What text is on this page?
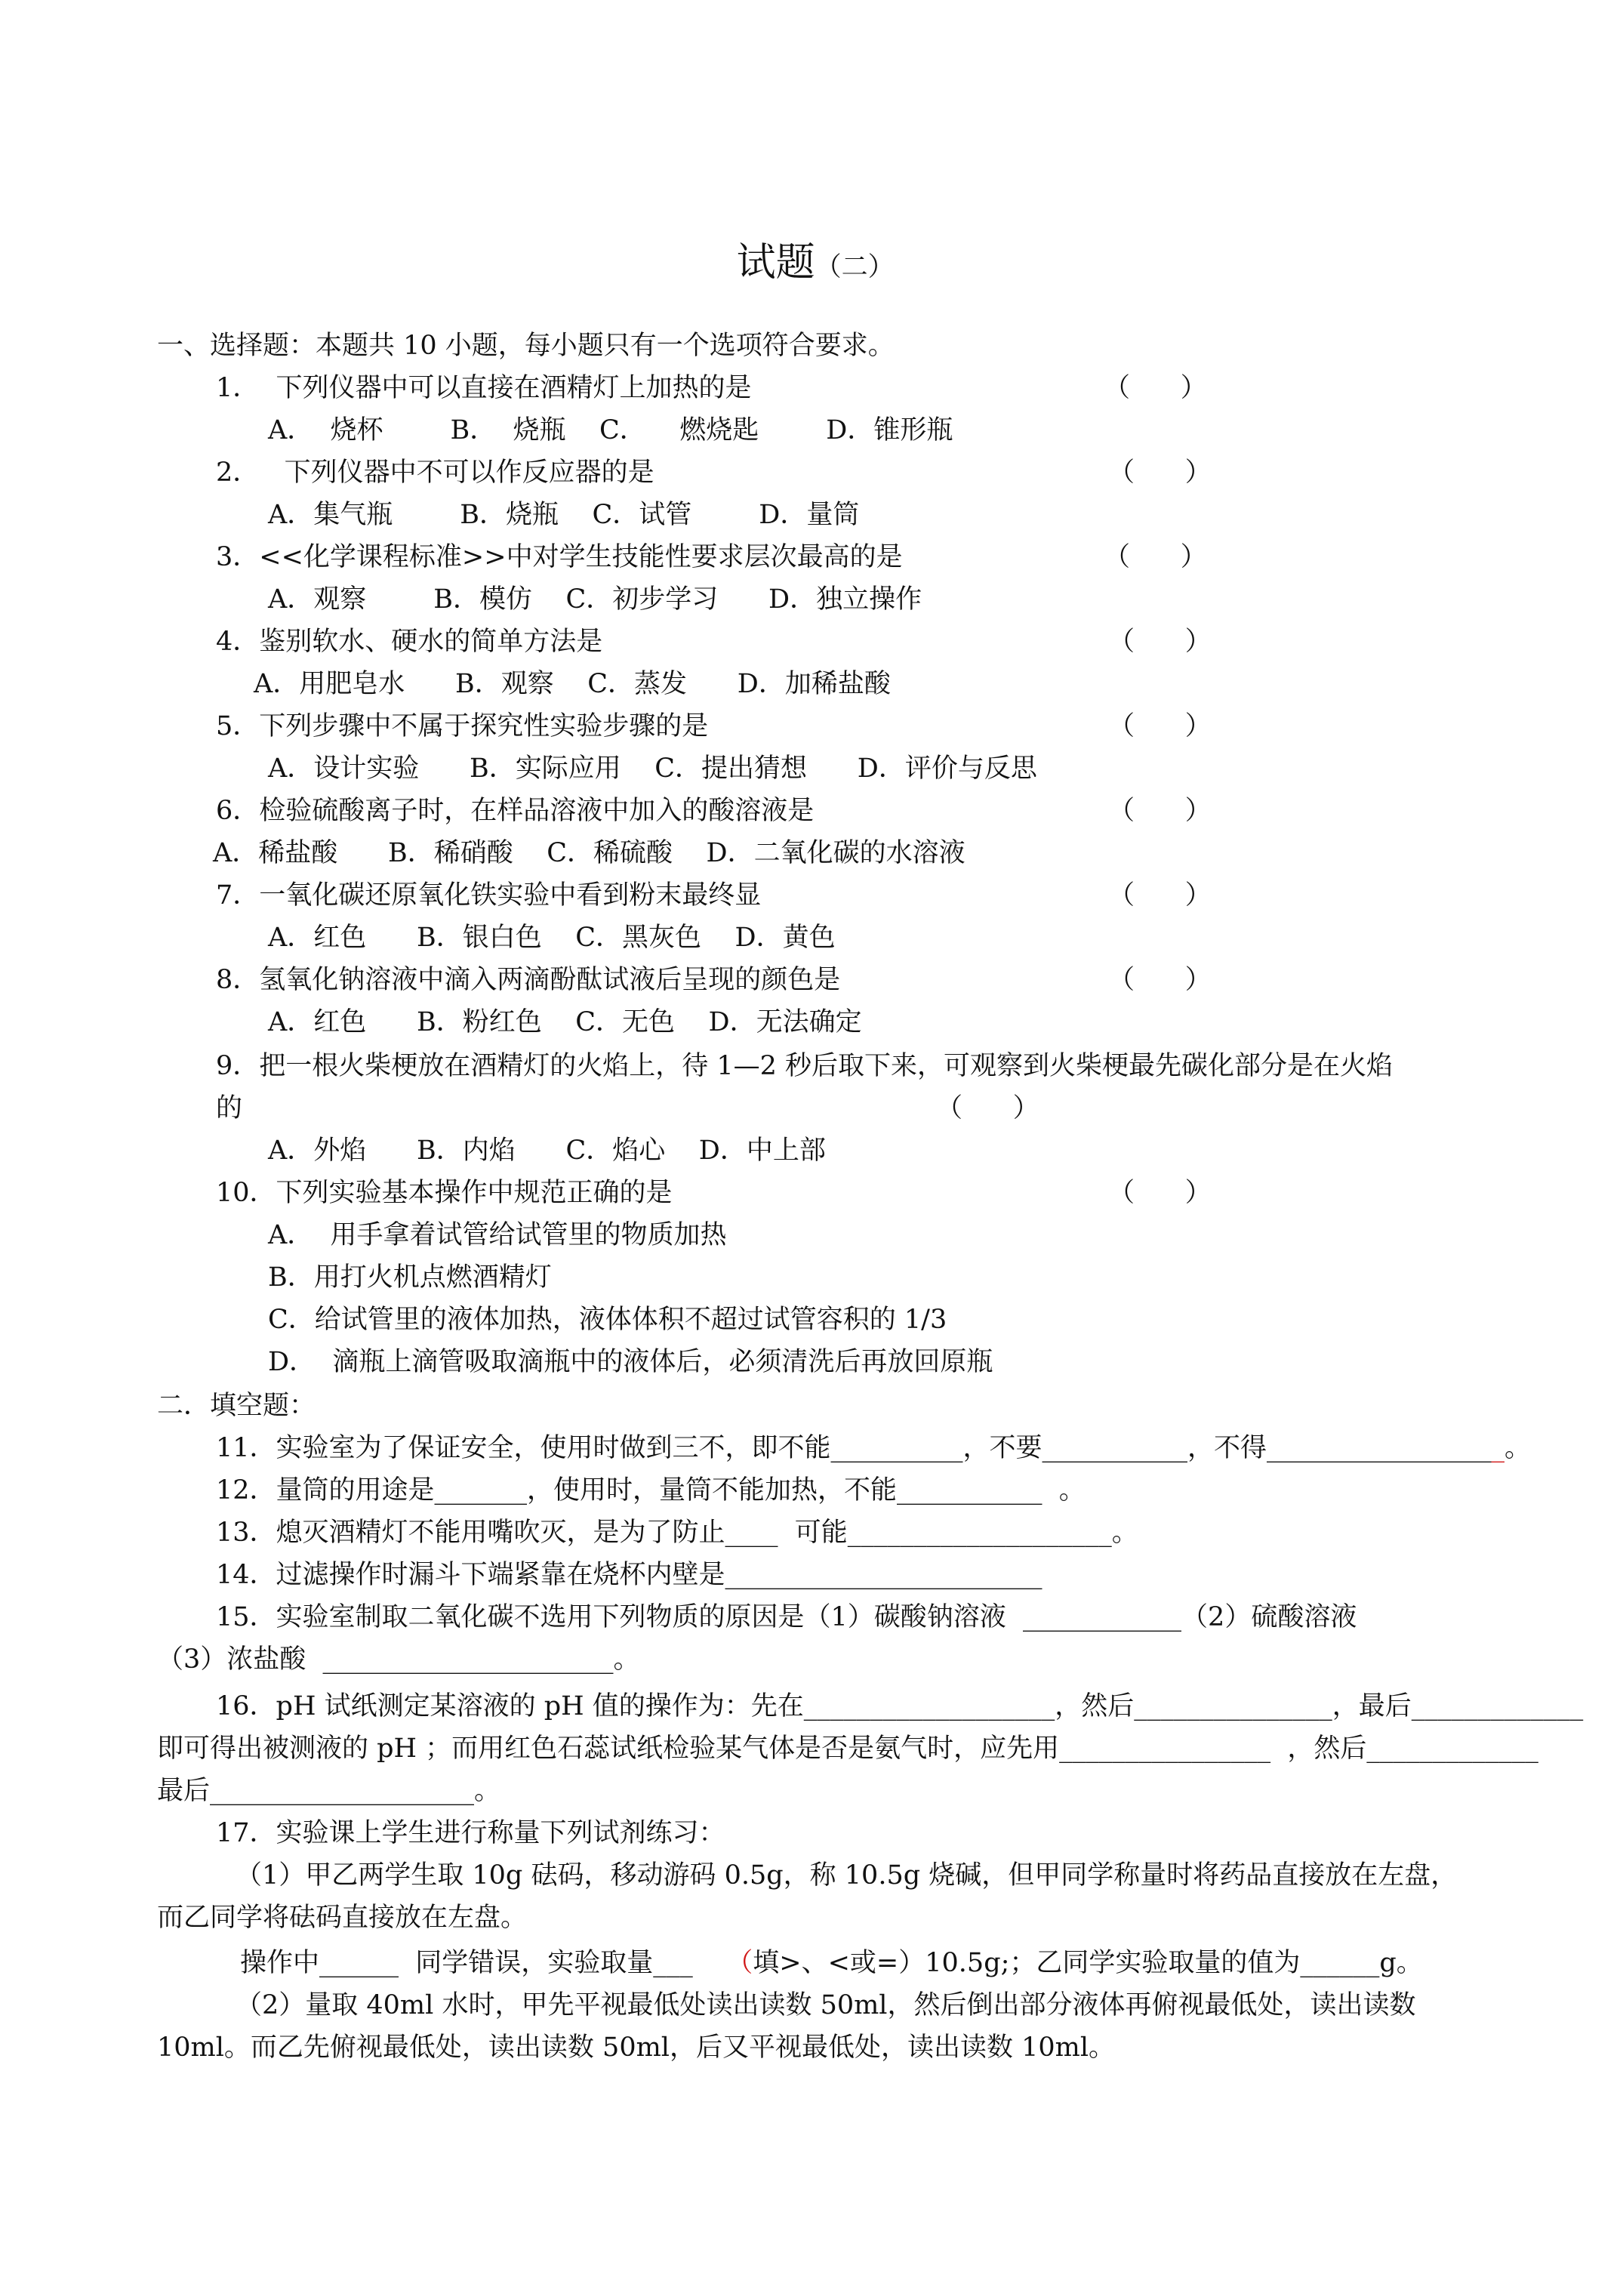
试题（二）

一、选择题：本题共 10 小题，每小题只有一个选项符合要求。
1．  下列仪器中可以直接在酒精灯上加热的是	（      ）
A．  烧杯        B．  烧瓶    C．    燃烧匙        D．锥形瓶
2．   下列仪器中不可以作反应器的是	（      ）
A．集气瓶        B．烧瓶    C．试管        D．量筒
3．<<化学课程标准>>中对学生技能性要求层次最高的是	（      ）
A．观察        B．模仿    C．初步学习      D．独立操作
4．鉴别软水、硬水的简单方法是	（      ）
A．用肥皂水      B．观察    C．蒸发      D．加稀盐酸
5．下列步骤中不属于探究性实验步骤的是	（      ）
A．设计实验      B．实际应用    C．提出猜想      D．评价与反思
6．检验硫酸离子时，在样品溶液中加入的酸溶液是	（      ）
A．稀盐酸      B．稀硝酸    C．稀硫酸    D．二氧化碳的水溶液
7．一氧化碳还原氧化铁实验中看到粉末最终显	（      ）
A．红色      B．银白色    C．黑灰色    D．黄色
8．氢氧化钠溶液中滴入两滴酚酞试液后呈现的颜色是	（      ）
A．红色      B．粉红色    C．无色    D．无法确定
9．把一根火柴梗放在酒精灯的火焰上，待 1—2 秒后取下来，可观察到火柴梗最先碳化部分是在火焰
的	（      ）
A．外焰      B．内焰      C．焰心    D．中上部
10．下列实验基本操作中规范正确的是	（      ）
A．  用手拿着试管给试管里的物质加热
B．用打火机点燃酒精灯
C．给试管里的液体加热，液体体积不超过试管容积的 1/3
D．  滴瓶上滴管吸取滴瓶中的液体后，必须清洗后再放回原瓶
二．填空题：
11．实验室为了保证安全，使用时做到三不，即不能__________，不要___________，不得__________________。
12．量筒的用途是_______，使用时，量筒不能加热，不能___________  。
13．熄灭酒精灯不能用嘴吹灭，是为了防止____  可能____________________。
14．过滤操作时漏斗下端紧靠在烧杯内壁是________________________
15．实验室制取二氧化碳不选用下列物质的原因是（1）碳酸钠溶液  ____________（2）硫酸溶液
（3）浓盐酸  ______________________。
16．pH 试纸测定某溶液的 pH 值的操作为：先在___________________，然后_______________，最后_____________
即可得出被测液的 pH ；而用红色石蕊试纸检验某气体是否是氨气时，应先用________________  ，然后_____________
最后____________________。
17．实验课上学生进行称量下列试剂练习：
（1）甲乙两学生取 10g 砝码，移动游码 0.5g，称 10.5g 烧碱，但甲同学称量时将药品直接放在左盘，
而乙同学将砝码直接放在左盘。
操作中______  同学错误，实验取量___    （填>、<或=）10.5g;；乙同学实验取量的值为______g。
（2）量取 40ml 水时，甲先平视最低处读出读数 50ml，然后倒出部分液体再俯视最低处，读出读数
10ml。而乙先俯视最低处，读出读数 50ml，后又平视最低处，读出读数 10ml。
